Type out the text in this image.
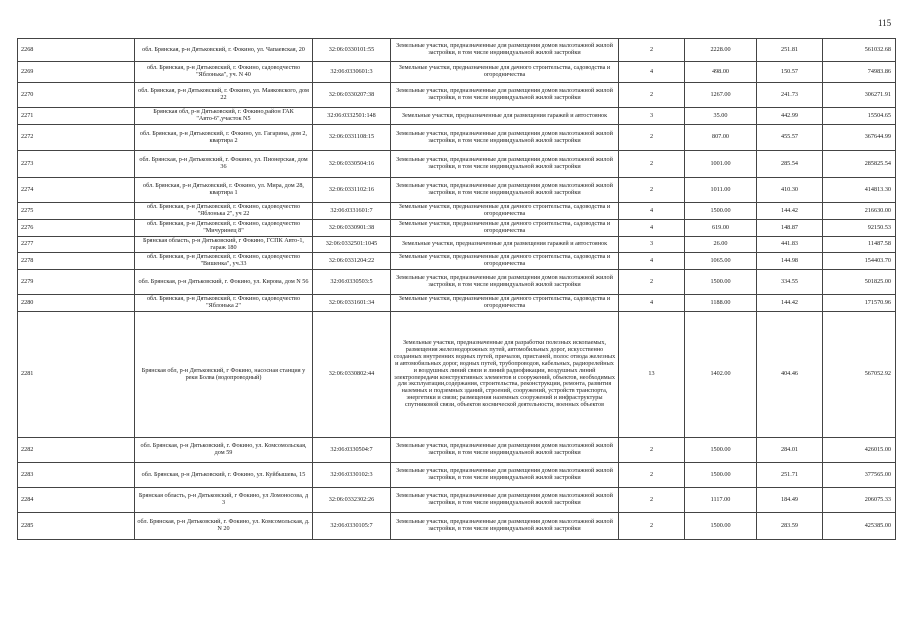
115
2268	обл. Брянская, р-н Дятьковский, г. Фокино, ул. Чапаевская, 20	32:06:0330101:55	Земельные участки, предназначенные для размещения домов малоэтажной жилой застройки, в том числе индивидуальной жилой застройки	2	2228.00	251.81	561032.68
2269	обл. Брянская, р-н Дятьковский, г. Фокино, садоводчество "Яблонька", уч. N 40	32:06:0330601:3	Земельные участки, предназначенные для дачного строительства, садоводства и огородничества	4	498.00	150.57	74983.86
2270	обл. Брянская, р-н Дятьковский, г. Фокино, ул. Маяковского, дом 22	32:06:0330207:38	Земельные участки, предназначенные для размещения домов малоэтажной жилой застройки, в том числе индивидуальной жилой застройки	2	1267.00	241.73	306271.91
2271	Брянская обл, р-н Дятьковский, г. Фокино,район ГАК "Авто-6",участок N5	32:06:0332501:148	Земельные участки, предназначенные для размещения гаражей и автостоянок	3	35.00	442.99	15504.65
2272	обл. Брянская, р-н Дятьковский, г. Фокино, ул. Гагарина, дом 2, квартира 2	32:06:0331108:15	Земельные участки, предназначенные для размещения домов малоэтажной жилой застройки, в том числе индивидуальной жилой застройки	2	807.00	455.57	367644.99
2273	обл. Брянская, р-н Дятьковский, г. Фокино, ул. Пионерская, дом 36	32:06:0330504:16	Земельные участки, предназначенные для размещения домов малоэтажной жилой застройки, в том числе индивидуальной жилой застройки	2	1001.00	285.54	285825.54
2274	обл. Брянская, р-н Дятьковский, г. Фокино, ул. Мира, дом 28, квартира 1	32:06:0331102:16	Земельные участки, предназначенные для размещения домов малоэтажной жилой застройки, в том числе индивидуальной жилой застройки	2	1011.00	410.30	414813.30
2275	обл. Брянская, р-н Дятьковский, г. Фокино, садоводчество "Яблонька 2", уч 22	32:06:0331601:7	Земельные участки, предназначенные для дачного строительства, садоводства и огородничества	4	1500.00	144.42	216630.00
2276	обл. Брянская, р-н Дятьковский, г. Фокино, садоводчество "Мичуринец 8"	32:06:0330901:38	Земельные участки, предназначенные для дачного строительства, садоводства и огородничества	4	619.00	148.87	92150.53
2277	Брянская область, р-н Дятьковский, г Фокино, ГСПК Авто-1, гараж 180	32:06:0332501:1045	Земельные участки, предназначенные для размещения гаражей и автостоянок	3	26.00	441.83	11487.58
2278	обл. Брянская, р-н Дятьковский, г. Фокино, садоводчество "Вишенка", уч.33	32:06:0331204:22	Земельные участки, предназначенные для дачного строительства, садоводства и огородничества	4	1065.00	144.98	154403.70
2279	обл. Брянская, р-н Дятьковский, г. Фокино, ул. Кирова, дом N 56	32:06:0330503:5	Земельные участки, предназначенные для размещения домов малоэтажной жилой застройки, в том числе индивидуальной жилой застройки	2	1500.00	334.55	501825.00
2280	обл. Брянская, р-н Дятьковский, г. Фокино, садоводчество "Яблонька 2"	32:06:0331601:34	Земельные участки, предназначенные для дачного строительства, садоводства и огородничества	4	1188.00	144.42	171570.96
2281	Брянская обл, р-н Дятьковский, г Фокино, насосная станция у реки Болва (водопроводный)	32:06:0330802:44	Земельные участки, предназначенные для разработки полезных ископаемых, размещения железнодорожных путей, автомобильных дорог, искусственно созданных внутренних водных путей, причалов, пристаней, полос отвода железных и автомобильных дорог, водных путей, трубопроводов, кабельных, радиорелейных и воздушных линий связи и линий радиофикации, воздушных линий электропередачи конструктивных элементов и сооружений, объектов, необходимых для эксплуатации,содержания, строительства, реконструкции, ремонта, развития наземных и подземных зданий, строений, сооружений, устройств транспорта, энергетики и связи; размещения наземных сооружений и инфраструктуры спутниковой связи, объектов космической деятельности, военных объектов	13	1402.00	404.46	567052.92
2282	обл. Брянская, р-н Дятьковский, г. Фокино, ул. Комсомольская, дом 59	32:06:0330504:7	Земельные участки, предназначенные для размещения домов малоэтажной жилой застройки, в том числе индивидуальной жилой застройки	2	1500.00	284.01	426015.00
2283	обл. Брянская, р-н Дятьковский, г. Фокино, ул. Куйбышева, 15	32:06:0330102:3	Земельные участки, предназначенные для размещения домов малоэтажной жилой застройки, в том числе индивидуальной жилой застройки	2	1500.00	251.71	377565.00
2284	Брянская область, р-н Дятьковский, г Фокино, ул Ломоносова, д 3	32:06:0332302:26	Земельные участки, предназначенные для размещения домов малоэтажной жилой застройки, в том числе индивидуальной жилой застройки	2	1117.00	184.49	206075.33
2285	обл. Брянская, р-н Дятьковский, г. Фокино, ул. Комсомольская, д. N 20	32:06:0330105:7	Земельные участки, предназначенные для размещения домов малоэтажной жилой застройки, в том числе индивидуальной жилой застройки	2	1500.00	283.59	425385.00
